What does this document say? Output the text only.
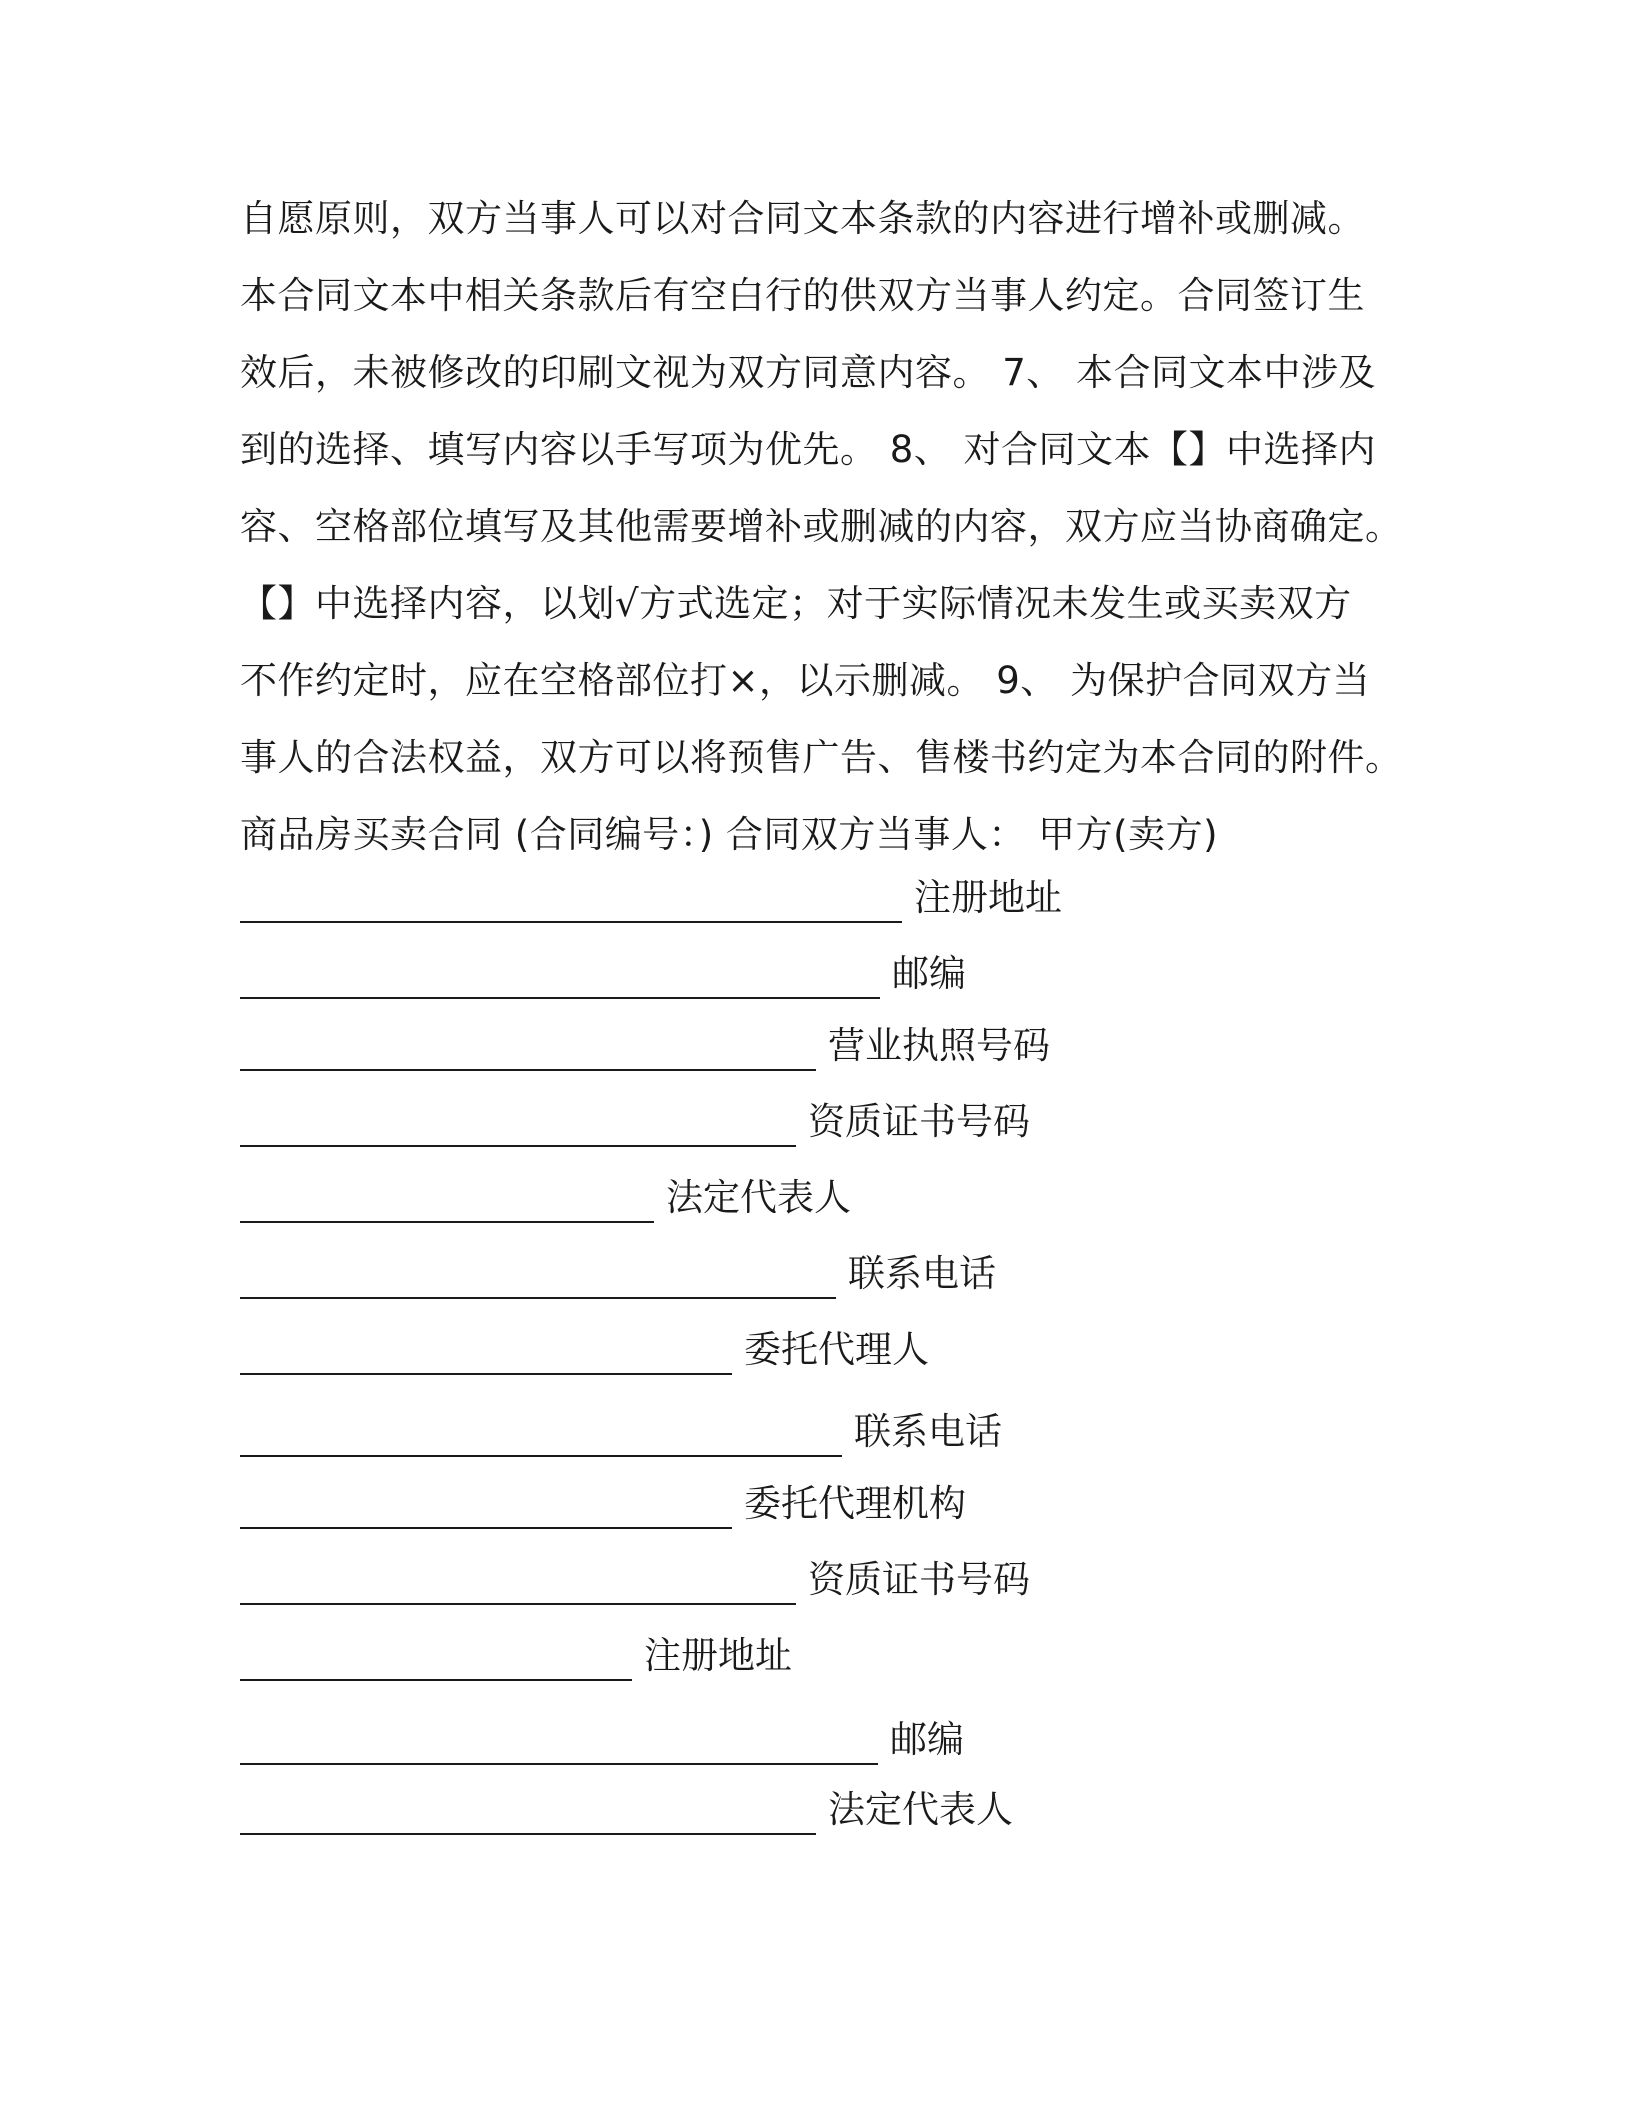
自愿原则，双方当事人可以对合同文本条款的内容进行增补或删减。
本合同文本中相关条款后有空白行的供双方当事人约定。合同签订生
效后，未被修改的印刷文视为双方同意内容。 7、 本合同文本中涉及
到的选择、填写内容以手写项为优先。 8、 对合同文本【】中选择内
容、空格部位填写及其他需要增补或删减的内容，双方应当协商确定。
【】中选择内容，以划√方式选定；对于实际情况未发生或买卖双方
不作约定时，应在空格部位打×，以示删减。 9、 为保护合同双方当
事人的合法权益，双方可以将预售广告、售楼书约定为本合同的附件。
商品房买卖合同 (合同编号：) 合同双方当事人： 甲方(卖方)
注册地址
邮编
营业执照号码
资质证书号码
法定代表人
联系电话
委托代理人
联系电话
委托代理机构
资质证书号码
注册地址
邮编
法定代表人
